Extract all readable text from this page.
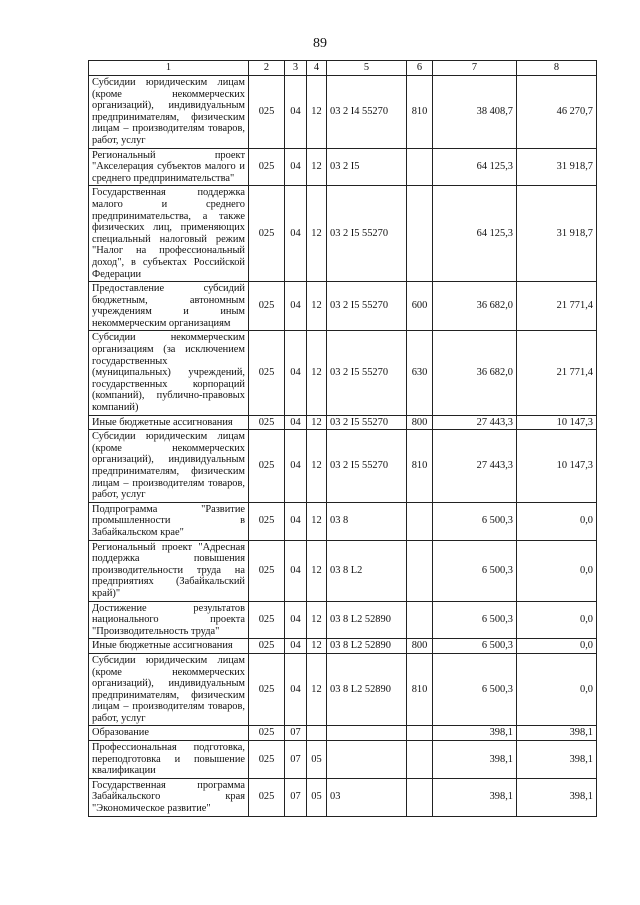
89
1	2	3	4	5	6	7	8
Субсидии юридическим лицам (кроме некоммерческих организаций), индивидуальным предпринимателям, физическим лицам – производителям товаров, работ, услуг	025	04	12	03 2 I4 55270	810	38 408,7	46 270,7
Региональный проект "Акселерация субъектов малого и среднего предпринимательства"	025	04	12	03 2 I5		64 125,3	31 918,7
Государственная поддержка малого и среднего предпринимательства, а также физических лиц, применяющих специальный налоговый режим "Налог на профессиональный доход", в субъектах Российской Федерации	025	04	12	03 2 I5 55270		64 125,3	31 918,7
Предоставление субсидий бюджетным, автономным учреждениям и иным некоммерческим организациям	025	04	12	03 2 I5 55270	600	36 682,0	21 771,4
Субсидии некоммерческим организациям (за исключением государственных (муниципальных) учреждений, государственных корпораций (компаний), публично-правовых компаний)	025	04	12	03 2 I5 55270	630	36 682,0	21 771,4
Иные бюджетные ассигнования	025	04	12	03 2 I5 55270	800	27 443,3	10 147,3
Субсидии юридическим лицам (кроме некоммерческих организаций), индивидуальным предпринимателям, физическим лицам – производителям товаров, работ, услуг	025	04	12	03 2 I5 55270	810	27 443,3	10 147,3
Подпрограмма "Развитие промышленности в Забайкальском крае"	025	04	12	03 8		6 500,3	0,0
Региональный проект "Адресная поддержка повышения производительности труда на предприятиях (Забайкальский край)"	025	04	12	03 8 L2		6 500,3	0,0
Достижение результатов национального проекта "Производительность труда"	025	04	12	03 8 L2 52890		6 500,3	0,0
Иные бюджетные ассигнования	025	04	12	03 8 L2 52890	800	6 500,3	0,0
Субсидии юридическим лицам (кроме некоммерческих организаций), индивидуальным предпринимателям, физическим лицам – производителям товаров, работ, услуг	025	04	12	03 8 L2 52890	810	6 500,3	0,0
Образование	025	07				398,1	398,1
Профессиональная подготовка, переподготовка и повышение квалификации	025	07	05			398,1	398,1
Государственная программа Забайкальского края "Экономическое развитие"	025	07	05	03		398,1	398,1
